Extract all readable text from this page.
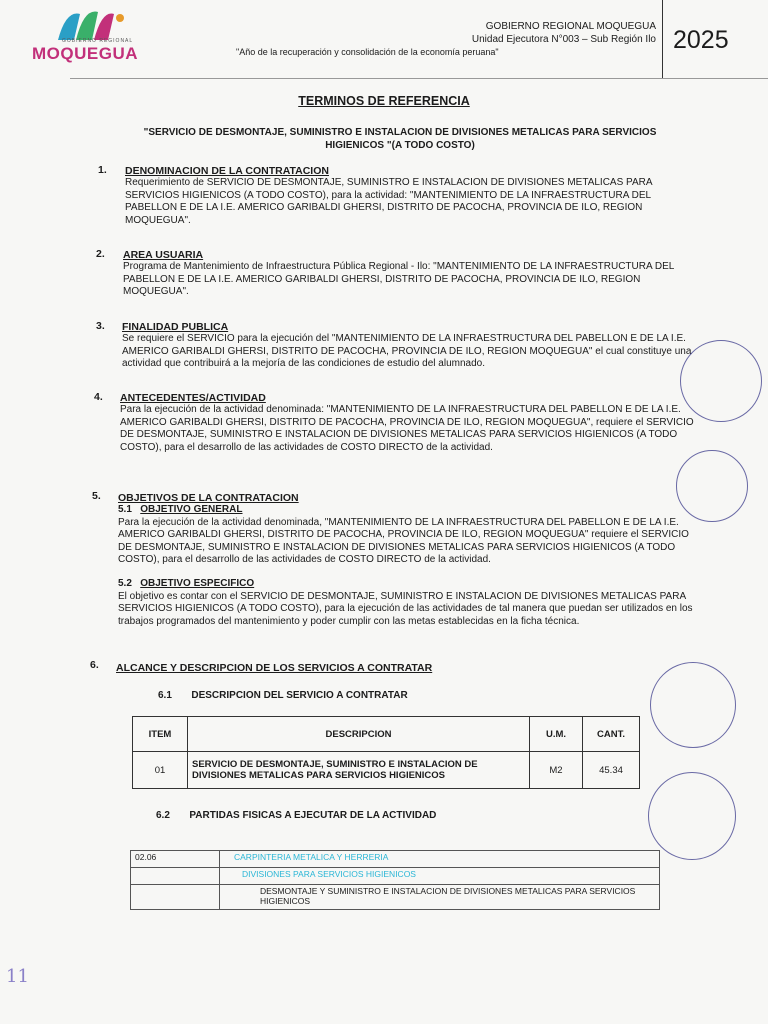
GOBIERNO REGIONAL
MOQUEGUA
GOBIERNO REGIONAL MOQUEGUA
Unidad Ejecutora N°003 – Sub Región Ilo
"Año de la recuperación y consolidación de la economía peruana"	2025
TERMINOS DE REFERENCIA
"SERVICIO DE DESMONTAJE, SUMINISTRO E INSTALACION DE DIVISIONES METALICAS PARA SERVICIOS HIGIENICOS "(A TODO COSTO)
1. DENOMINACION DE LA CONTRATACION
Requerimiento de SERVICIO DE DESMONTAJE, SUMINISTRO E INSTALACION DE DIVISIONES METALICAS PARA SERVICIOS HIGIENICOS (A TODO COSTO), para la actividad: "MANTENIMIENTO DE LA INFRAESTRUCTURA DEL PABELLON E DE LA I.E. AMERICO GARIBALDI GHERSI, DISTRITO DE PACOCHA, PROVINCIA DE ILO, REGION MOQUEGUA".
2. AREA USUARIA
Programa de Mantenimiento de Infraestructura Pública Regional - Ilo: "MANTENIMIENTO DE LA INFRAESTRUCTURA DEL PABELLON E DE LA I.E. AMERICO GARIBALDI GHERSI, DISTRITO DE PACOCHA, PROVINCIA DE ILO, REGION MOQUEGUA".
3. FINALIDAD PUBLICA
Se requiere el SERVICIO para la ejecución del "MANTENIMIENTO DE LA INFRAESTRUCTURA DEL PABELLON E DE LA I.E. AMERICO GARIBALDI GHERSI, DISTRITO DE PACOCHA, PROVINCIA DE ILO, REGION MOQUEGUA" el cual constituye una actividad que contribuirá a la mejoría de las condiciones de estudio del alumnado.
4. ANTECEDENTES/ACTIVIDAD
Para la ejecución de la actividad denominada: "MANTENIMIENTO DE LA INFRAESTRUCTURA DEL PABELLON E DE LA I.E. AMERICO GARIBALDI GHERSI, DISTRITO DE PACOCHA, PROVINCIA DE ILO, REGION MOQUEGUA", requiere el SERVICIO DE DESMONTAJE, SUMINISTRO E INSTALACION DE DIVISIONES METALICAS PARA SERVICIOS HIGIENICOS (A TODO COSTO), para el desarrollo de las actividades de COSTO DIRECTO de la actividad.
5. OBJETIVOS DE LA CONTRATACION
5.1 OBJETIVO GENERAL
Para la ejecución de la actividad denominada, "MANTENIMIENTO DE LA INFRAESTRUCTURA DEL PABELLON E DE LA I.E. AMERICO GARIBALDI GHERSI, DISTRITO DE PACOCHA, PROVINCIA DE ILO, REGION MOQUEGUA" requiere el SERVICIO DE DESMONTAJE, SUMINISTRO E INSTALACION DE DIVISIONES METALICAS PARA SERVICIOS HIGIENICOS (A TODO COSTO), para el desarrollo de las actividades de COSTO DIRECTO de la actividad.
5.2 OBJETIVO ESPECIFICO
El objetivo es contar con el SERVICIO DE DESMONTAJE, SUMINISTRO E INSTALACION DE DIVISIONES METALICAS PARA SERVICIOS HIGIENICOS (A TODO COSTO), para la ejecución de las actividades de tal manera que puedan ser utilizados en los trabajos programados del mantenimiento y poder cumplir con las metas establecidas en la ficha técnica.
6. ALCANCE Y DESCRIPCION DE LOS SERVICIOS A CONTRATAR
6.1 DESCRIPCION DEL SERVICIO A CONTRATAR
ITEM	DESCRIPCION	U.M.	CANT.
01	SERVICIO DE DESMONTAJE, SUMINISTRO E INSTALACION DE DIVISIONES METALICAS PARA SERVICIOS HIGIENICOS	M2	45.34
6.2 PARTIDAS FISICAS A EJECUTAR DE LA ACTIVIDAD
02.06	CARPINTERIA METALICA Y HERRERIA
	DIVISIONES PARA SERVICIOS HIGIENICOS
	DESMONTAJE Y SUMINISTRO E INSTALACION DE DIVISIONES METALICAS PARA SERVICIOS HIGIENICOS
11
